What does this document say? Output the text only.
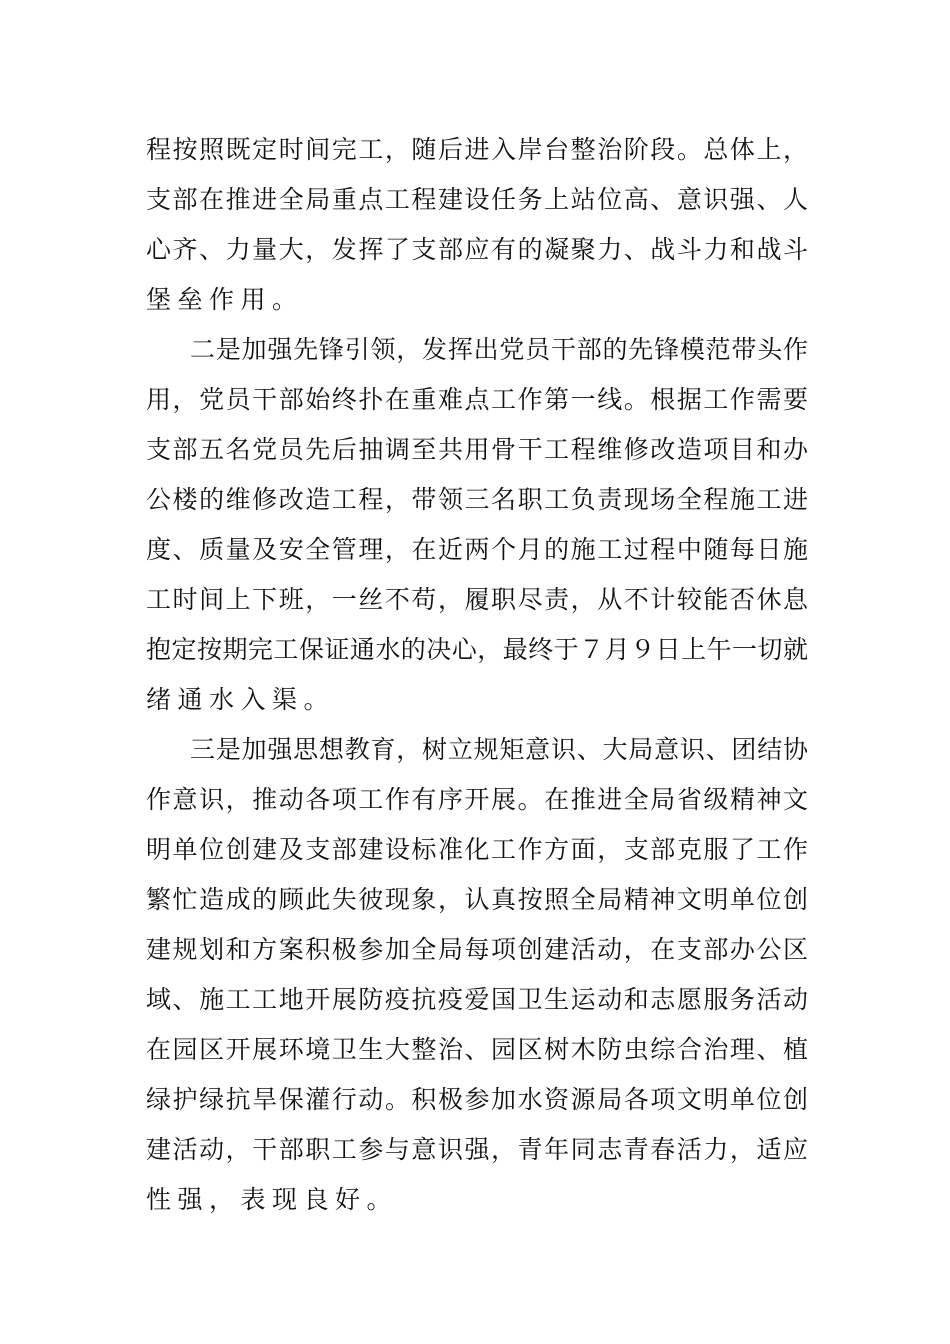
程按照既定时间完工，随后进入岸台整治阶段。总体上，
支部在推进全局重点工程建设任务上站位高、意识强、人
心齐、力量大，发挥了支部应有的凝聚力、战斗力和战斗
堡垒作用。
二是加强先锋引领，发挥出党员干部的先锋模范带头作
用，党员干部始终扑在重难点工作第一线。根据工作需要
支部五名党员先后抽调至共用骨干工程维修改造项目和办
公楼的维修改造工程，带领三名职工负责现场全程施工进
度、质量及安全管理，在近两个月的施工过程中随每日施
工时间上下班，一丝不苟，履职尽责，从不计较能否休息
抱定按期完工保证通水的决心，最终于７月９日上午一切就
绪通水入渠。
三是加强思想教育，树立规矩意识、大局意识、团结协
作意识，推动各项工作有序开展。在推进全局省级精神文
明单位创建及支部建设标准化工作方面，支部克服了工作
繁忙造成的顾此失彼现象，认真按照全局精神文明单位创
建规划和方案积极参加全局每项创建活动，在支部办公区
域、施工工地开展防疫抗疫爱国卫生运动和志愿服务活动
在园区开展环境卫生大整治、园区树木防虫综合治理、植
绿护绿抗旱保灌行动。积极参加水资源局各项文明单位创
建活动，干部职工参与意识强，青年同志青春活力，适应
性强，表现良好。
